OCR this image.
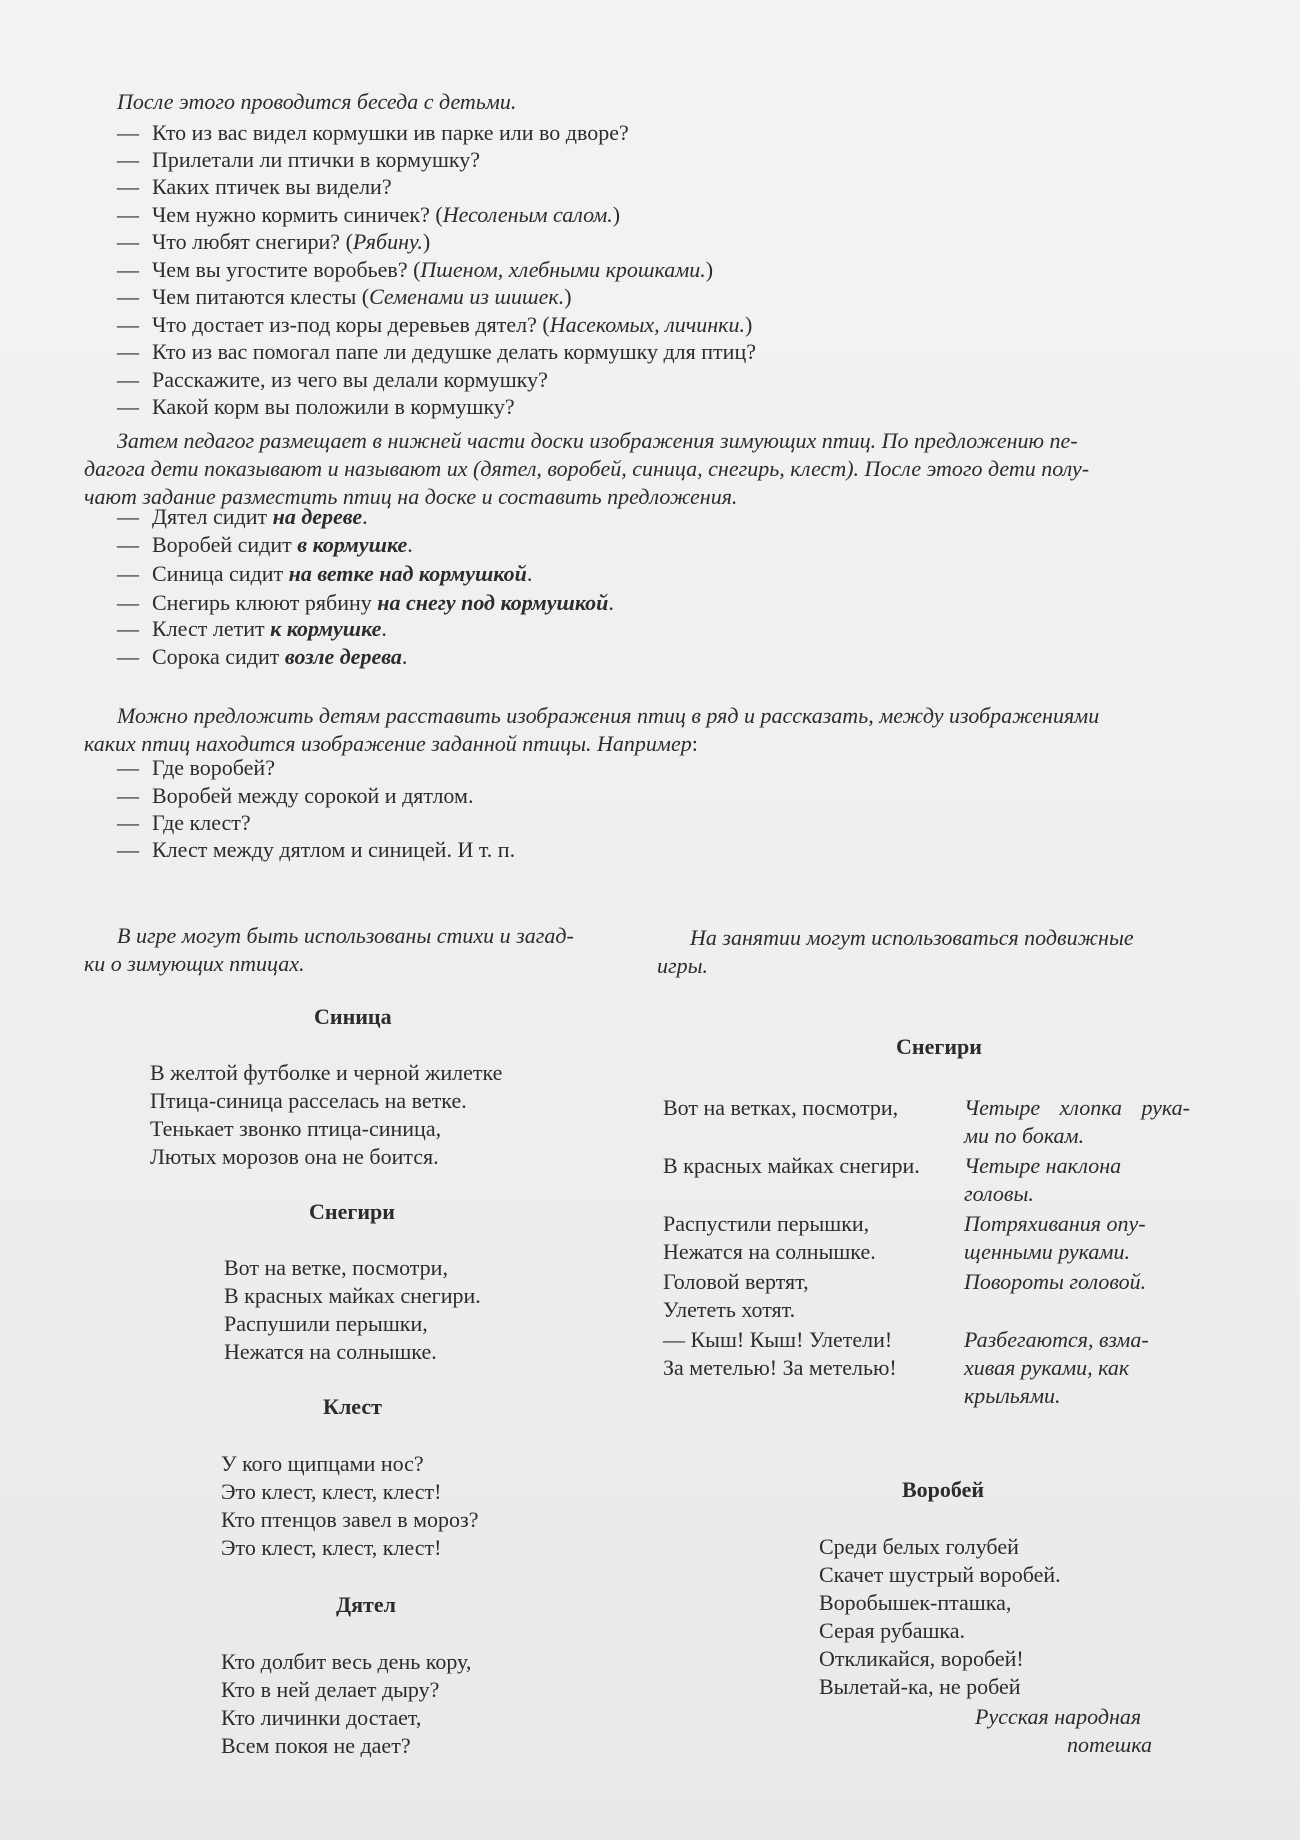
После этого проводится беседа с детьми.
— Кто из вас видел кормушки ив парке или во дворе?
— Прилетали ли птички в кормушку?
— Каких птичек вы видели?
— Чем нужно кормить синичек? (Несоленым салом.)
— Что любят снегири? (Рябину.)
— Чем вы угостите воробьев? (Пшеном, хлебными крошками.)
— Чем питаются клесты (Семенами из шишек.)
— Что достает из-под коры деревьев дятел? (Насекомых, личинки.)
— Кто из вас помогал папе ли дедушке делать кормушку для птиц?
— Расскажите, из чего вы делали кормушку?
— Какой корм вы положили в кормушку?
Затем педагог размещает в нижней части доски изображения зимующих птиц. По предложению пе-
дагога дети показывают и называют их (дятел, воробей, синица, снегирь, клест). После этого дети полу-
чают задание разместить птиц на доске и составить предложения.
— Дятел сидит на дереве.
— Воробей сидит в кормушке.
— Синица сидит на ветке над кормушкой.
— Снегирь клюют рябину на снегу под кормушкой.
— Клест летит к кормушке.
— Сорока сидит возле дерева.
Можно предложить детям расставить изображения птиц в ряд и рассказать, между изображениями
каких птиц находится изображение заданной птицы. Например:
— Где воробей?
— Воробей между сорокой и дятлом.
— Где клест?
— Клест между дятлом и синицей. И т. п.
В игре могут быть использованы стихи и загад-
ки о зимующих птицах.
На занятии могут использоваться подвижные
игры.
Синица
В желтой футболке и черной жилетке
Птица-синица расселась на ветке.
Тенькает звонко птица-синица,
Лютых морозов она не боится.
Снегири
Вот на ветке, посмотри,
В красных майках снегири.
Распушили перышки,
Нежатся на солнышке.
Клест
У кого щипцами нос?
Это клест, клест, клест!
Кто птенцов завел в мороз?
Это клест, клест, клест!
Дятел
Кто долбит весь день кору,
Кто в ней делает дыру?
Кто личинки достает,
Всем покоя не дает?
Снегири
Вот на ветках, посмотри,	Четыре хлопка рука-
ми по бокам.
В красных майках снегири. Четыре наклона
головы.
Распустили перышки,
Нежатся на солнышке.
Потряхивания опу-
щенными руками.
Головой вертят,
Улететь хотят.
Повороты головой.
— Кыш! Кыш! Улетели!
За метелью! За метелью!
Разбегаются, взма-
хивая руками, как
крыльями.
Воробей
Среди белых голубей
Скачет шустрый воробей.
Воробышек-пташка,
Серая рубашка.
Откликайся, воробей!
Вылетай-ка, не робей
Русская народная
потешка
